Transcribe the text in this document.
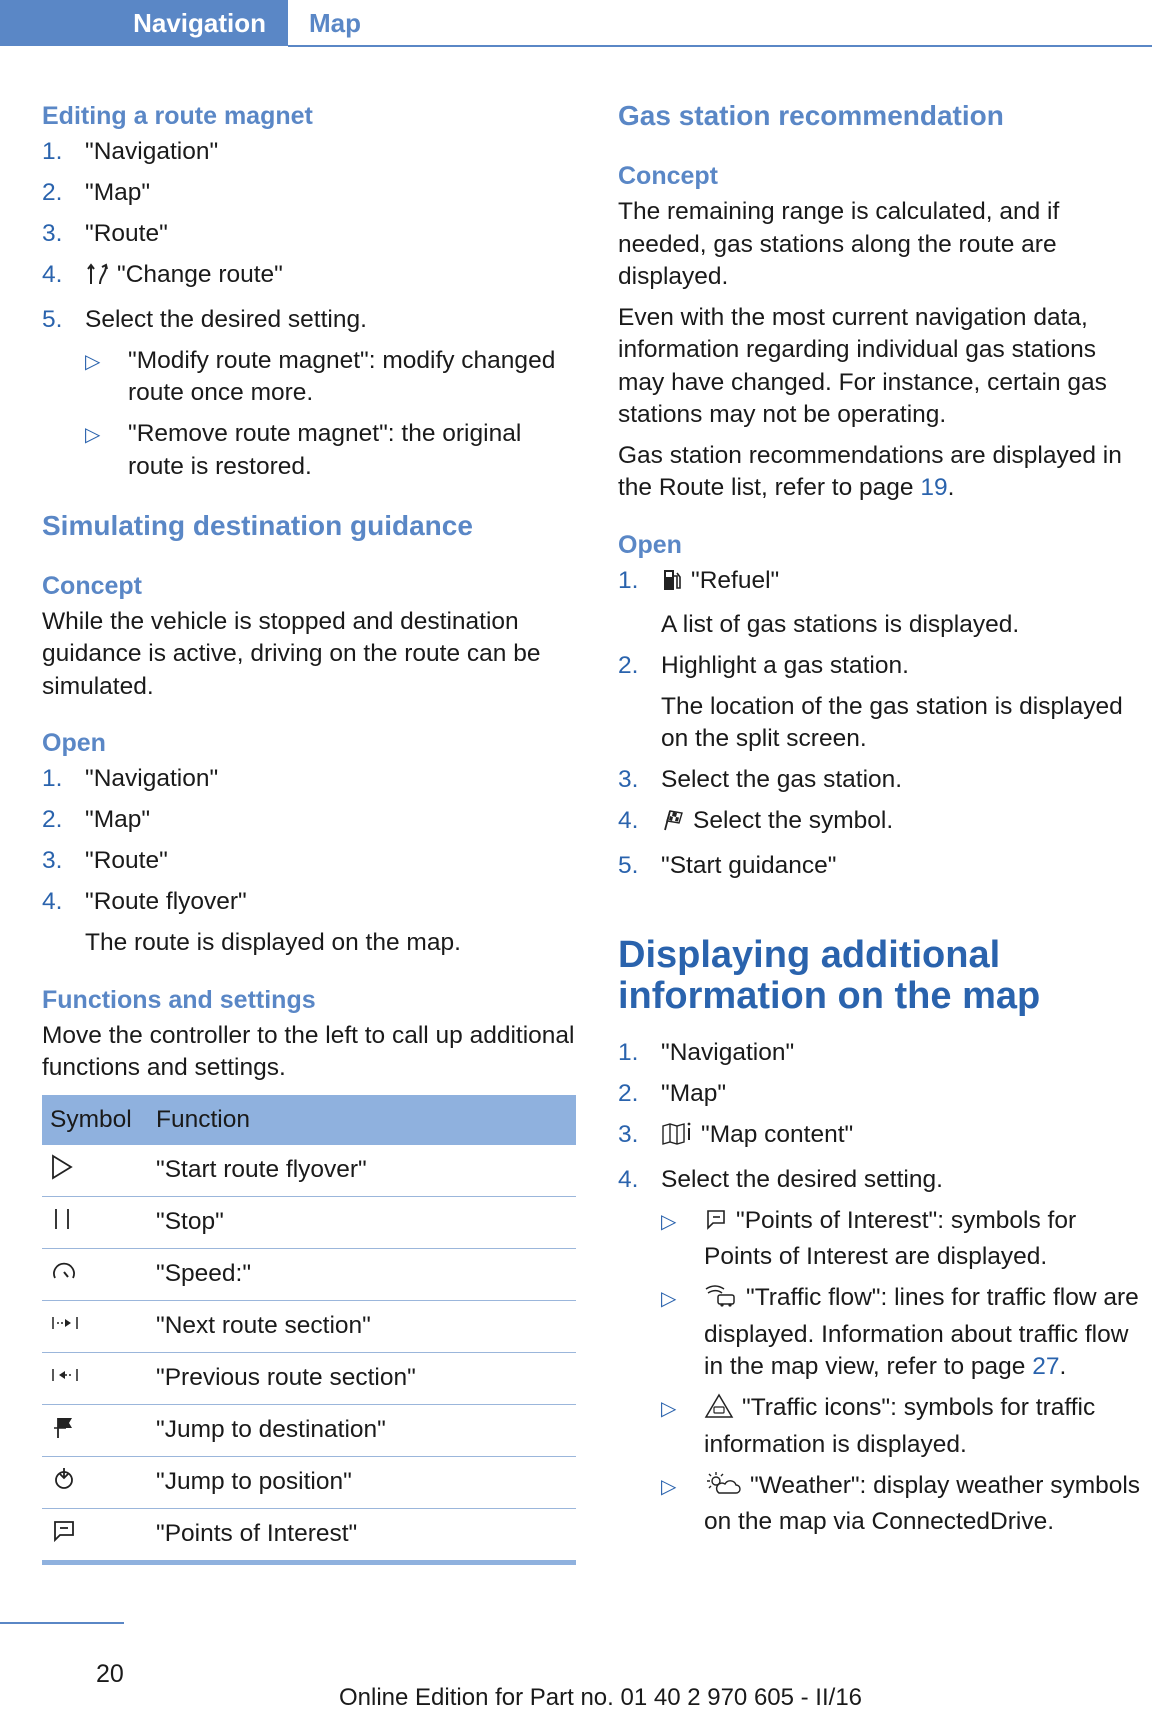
Navigation	Map
Editing a route magnet
1. "Navigation"
2. "Map"
3. "Route"
4. "Change route"
5. Select the desired setting.
▷ "Modify route magnet": modify changed route once more.
▷ "Remove route magnet": the original route is restored.
Simulating destination guidance
Concept

While the vehicle is stopped and destination guidance is active, driving on the route can be simulated.

Open
1. "Navigation"
2. "Map"
3. "Route"
4. "Route flyover"
The route is displayed on the map.
Functions and settings

Move the controller to the left to call up additional functions and settings.

Symbol	Function
	"Start route flyover"
	"Stop"
	"Speed:"
	"Next route section"
	"Previous route section"
	"Jump to destination"
	"Jump to position"
	"Points of Interest"
Gas station recommendation
Concept

The remaining range is calculated, and if needed, gas stations along the route are displayed.

Even with the most current navigation data, information regarding individual gas stations may have changed. For instance, certain gas stations may not be operating.

Gas station recommendations are displayed in the Route list, refer to page 19.

Open
1. "Refuel"
A list of gas stations is displayed.
2. Highlight a gas station.
The location of the gas station is displayed on the split screen.
3. Select the gas station.
4. Select the symbol.
5. "Start guidance"
Displaying additional
information on the map
1. "Navigation"
2. "Map"
3.	"Map content"
4. Select the desired setting.
▷ "Points of Interest": symbols for Points of Interest are displayed.
▷	"Traffic flow": lines for traffic flow are displayed. Information about traffic flow in the map view, refer to page 27.
▷	"Traffic icons": symbols for traffic information is displayed.
▷	"Weather": display weather symbols on the map via ConnectedDrive.
20
Online Edition for Part no. 01 40 2 970 605 - II/16
